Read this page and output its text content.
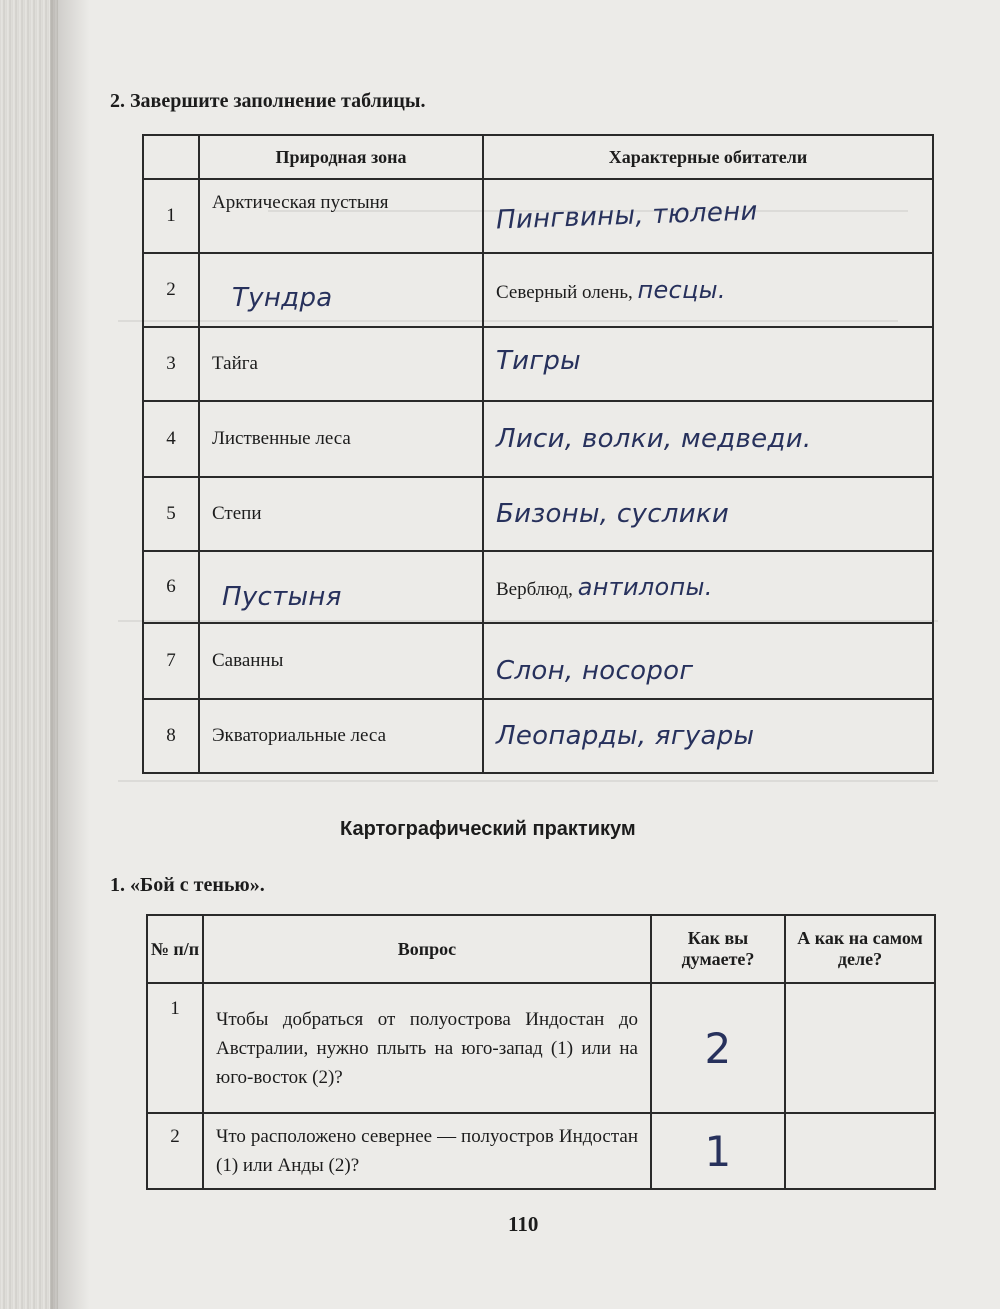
2. Завершите заполнение таблицы.
	Природная зона	Характерные обитатели
1	Арктическая пустыня	Пингвины, тюлени
2	Тундра	Северный олень, песцы.
3	Тайга	Тигры
4	Лиственные леса	Лиси, волки, медведи.
5	Степи	Бизоны, суслики
6	Пустыня	Верблюд, антилопы.
7	Саванны	Слон, носорог
8	Экваториальные леса	Леопарды, ягуары
Картографический практикум
1. «Бой с тенью».
№ п/п	Вопрос	Как вы думаете?	А как на самом деле?
1	Чтобы добраться от полуострова Индостан до Австралии, нужно плыть на юго-запад (1) или на юго-восток (2)?	2	
2	Что расположено севернее — полуостров Индостан (1) или Анды (2)?	1	
110
